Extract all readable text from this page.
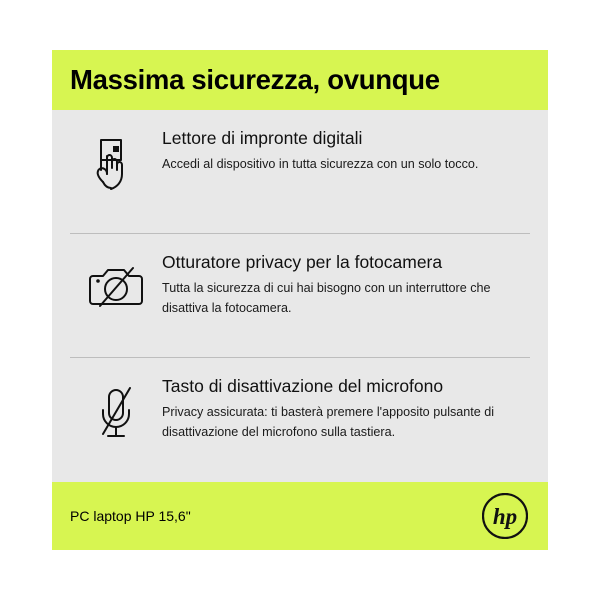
Massima sicurezza, ovunque

Lettore di impronte digitali

Accedi al dispositivo in tutta sicurezza con un solo tocco.

Otturatore privacy per la fotocamera

Tutta la sicurezza di cui hai bisogno con un interruttore che disattiva la fotocamera.

Tasto di disattivazione del microfono

Privacy assicurata: ti basterà premere l'apposito pulsante di disattivazione del microfono sulla tastiera.

PC laptop HP 15,6"	hp
